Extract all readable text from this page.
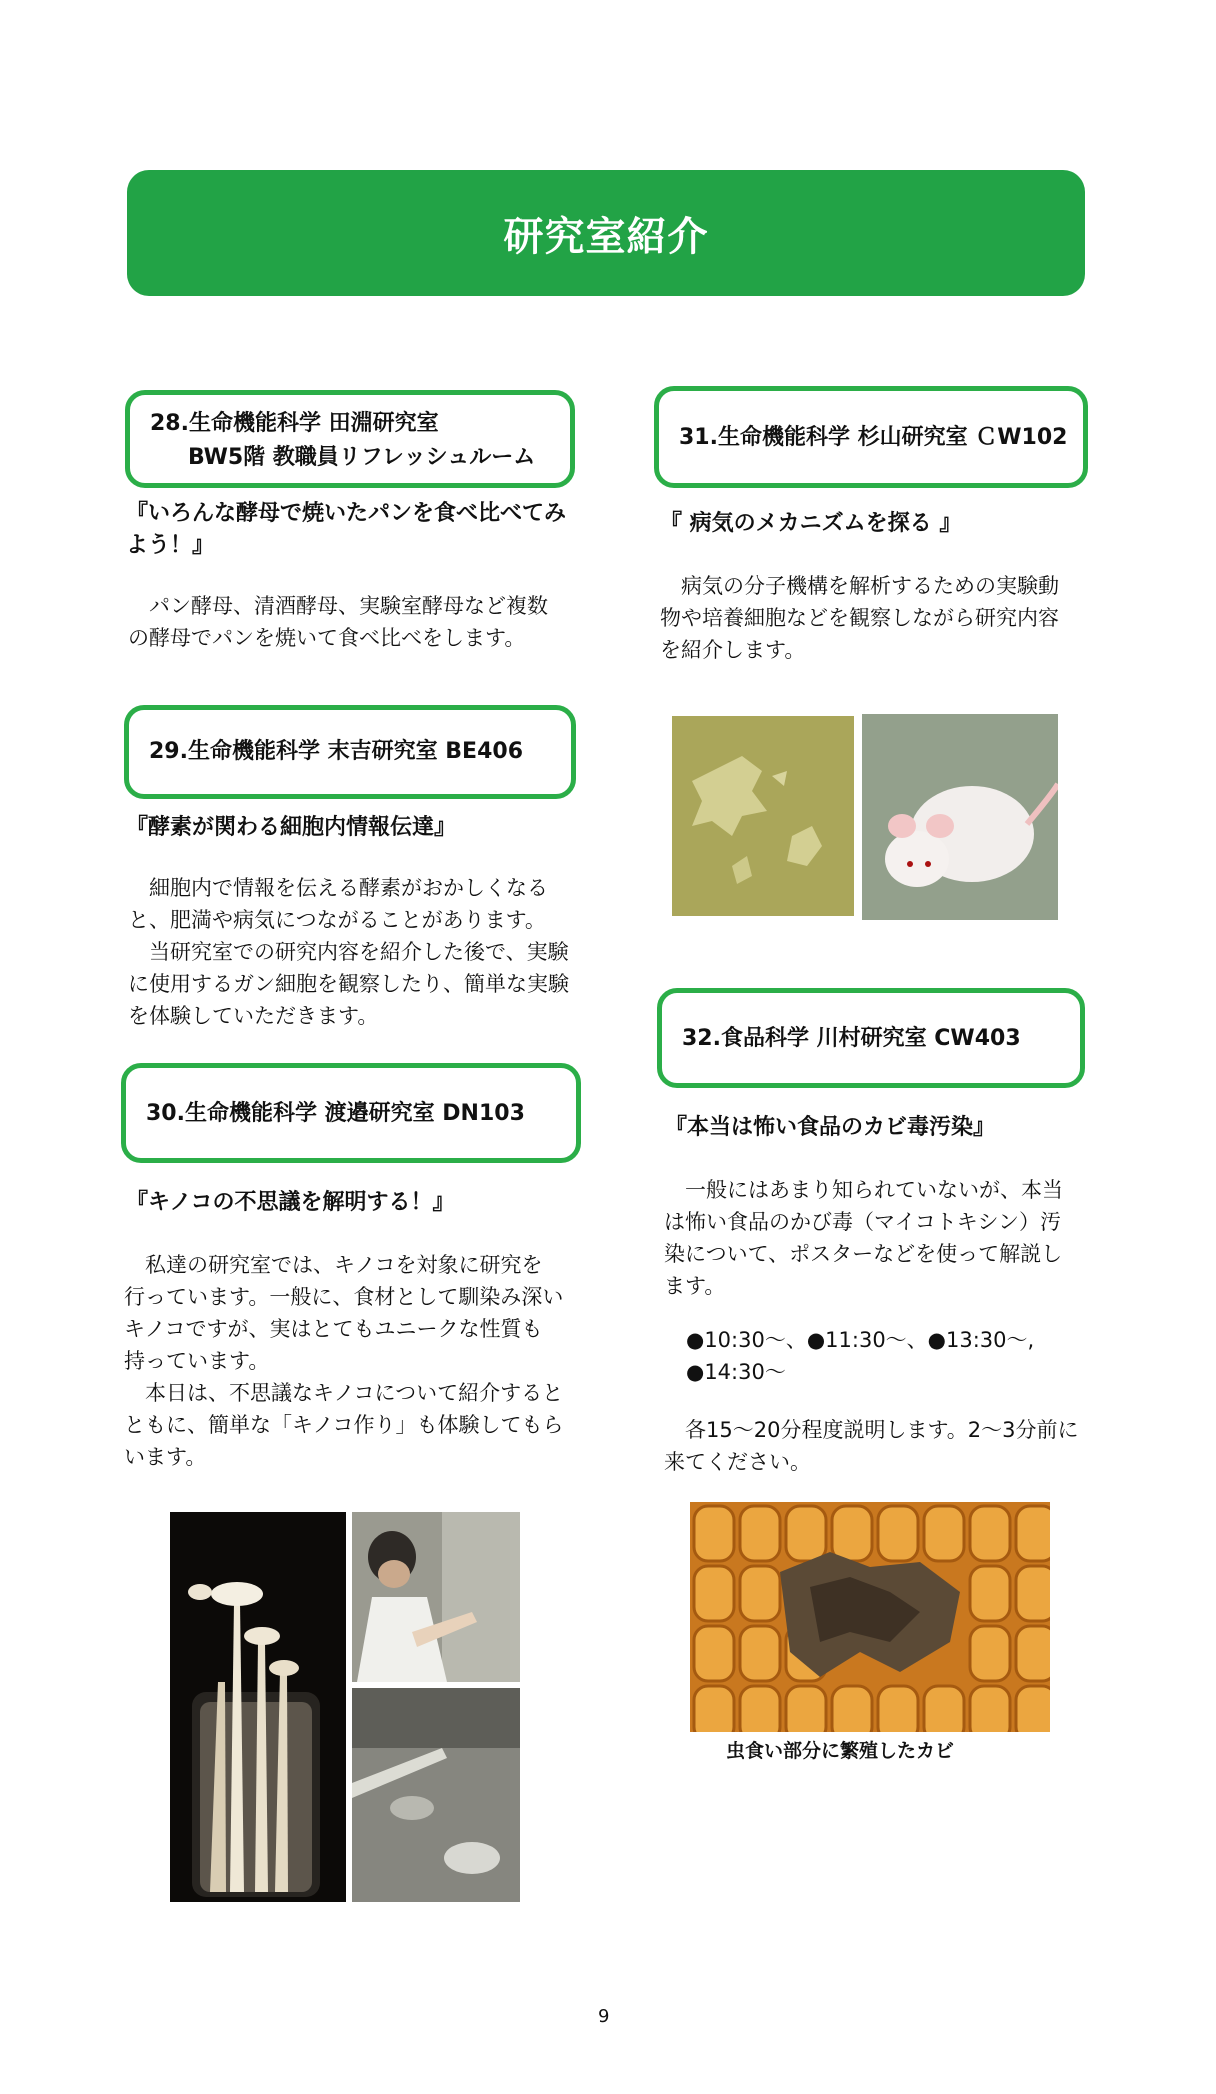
研究室紹介
28.生命機能科学 田淵研究室
BW5階 教職員リフレッシュルーム
『いろんな酵母で焼いたパンを食べ比べてみ
よう！』
　パン酵母、清酒酵母、実験室酵母など複数
の酵母でパンを焼いて食べ比べをします。
29.生命機能科学 末吉研究室 BE406
『酵素が関わる細胞内情報伝達』
　細胞内で情報を伝える酵素がおかしくなる
と、肥満や病気につながることがあります。
　当研究室での研究内容を紹介した後で、実験
に使用するガン細胞を観察したり、簡単な実験
を体験していただきます。
30.生命機能科学 渡邉研究室 DN103
『キノコの不思議を解明する！』
　私達の研究室では、キノコを対象に研究を
行っています。一般に、食材として馴染み深い
キノコですが、実はとてもユニークな性質も
持っています。
　本日は、不思議なキノコについて紹介すると
ともに、簡単な「キノコ作り」も体験してもら
います。
31.生命機能科学 杉山研究室 ＣW102
『 病気のメカニズムを探る 』
　病気の分子機構を解析するための実験動
物や培養細胞などを観察しながら研究内容
を紹介します。
32.食品科学 川村研究室 CW403
『本当は怖い食品のカビ毒汚染』
　一般にはあまり知られていないが、本当
は怖い食品のかび毒（マイコトキシン）汚
染について、ポスターなどを使って解説し
ます。
●10:30～、●11:30～、●13:30～,
●14:30～
　各15～20分程度説明します。2～3分前に
来てください。
虫食い部分に繁殖したカビ
9
